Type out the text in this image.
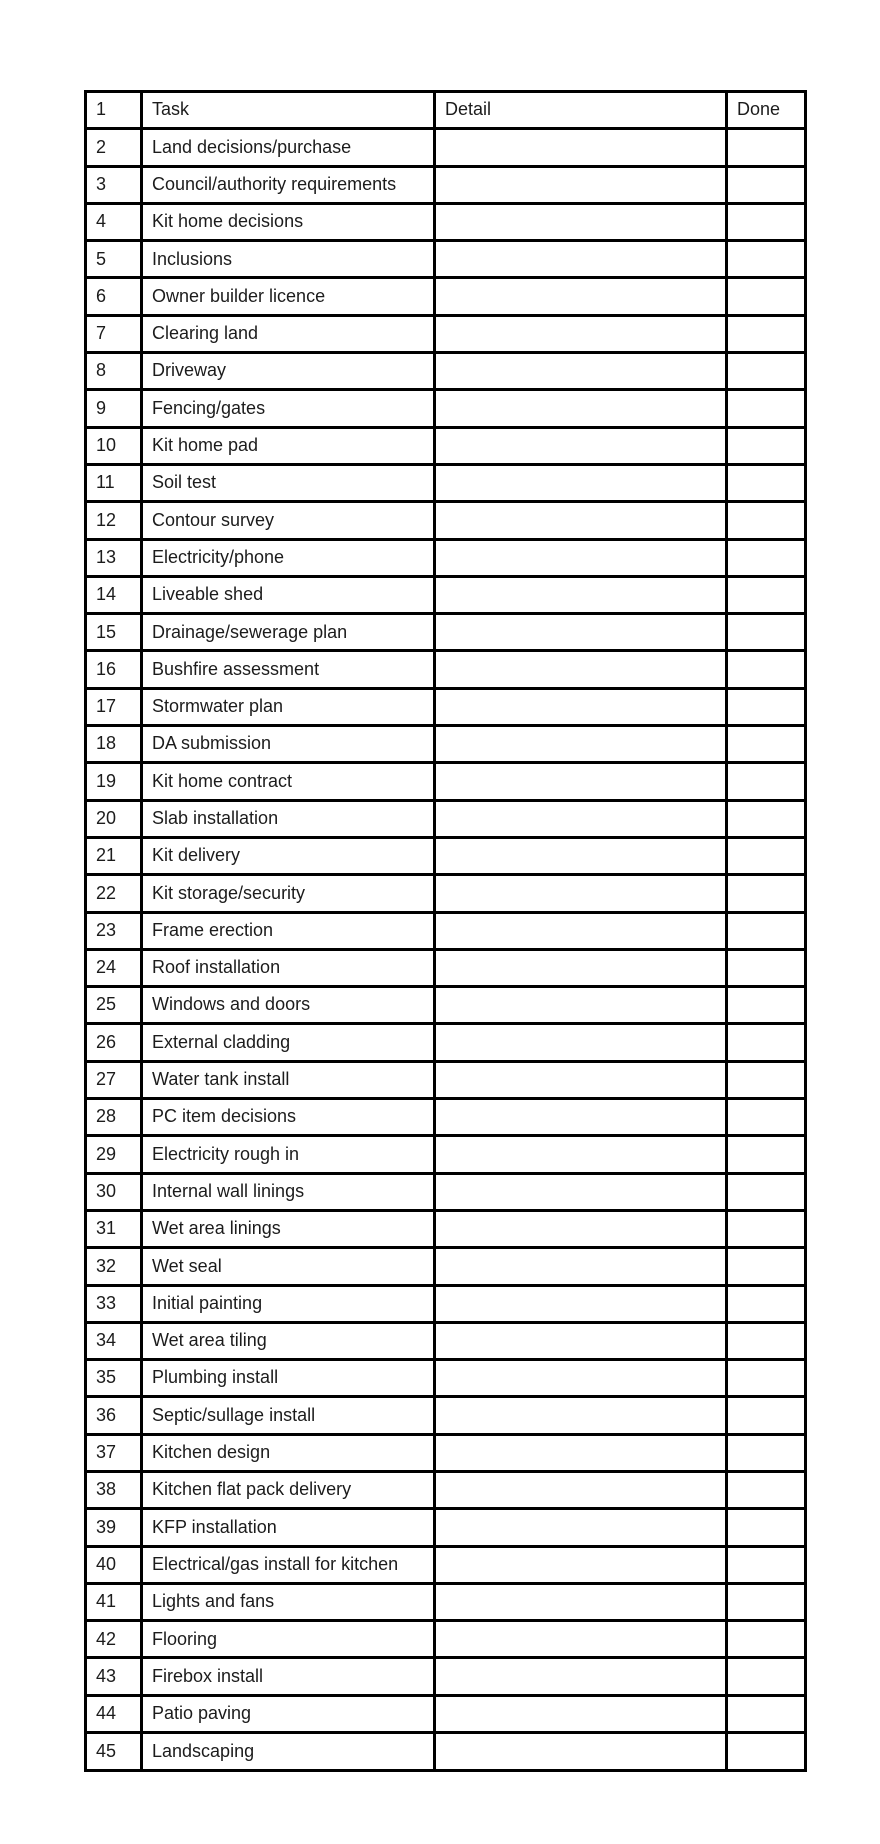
1	Task	Detail	Done
2	Land decisions/purchase		
3	Council/authority requirements		
4	Kit home decisions		
5	Inclusions		
6	Owner builder licence		
7	Clearing land		
8	Driveway		
9	Fencing/gates		
10	Kit home pad		
11	Soil test		
12	Contour survey		
13	Electricity/phone		
14	Liveable shed		
15	Drainage/sewerage plan		
16	Bushfire assessment		
17	Stormwater plan		
18	DA submission		
19	Kit home contract		
20	Slab installation		
21	Kit delivery		
22	Kit storage/security		
23	Frame erection		
24	Roof installation		
25	Windows and doors		
26	External cladding		
27	Water tank install		
28	PC item decisions		
29	Electricity rough in		
30	Internal wall linings		
31	Wet area linings		
32	Wet seal		
33	Initial painting		
34	Wet area tiling		
35	Plumbing install		
36	Septic/sullage install		
37	Kitchen design		
38	Kitchen flat pack delivery		
39	KFP installation		
40	Electrical/gas install for kitchen		
41	Lights and fans		
42	Flooring		
43	Firebox install		
44	Patio paving		
45	Landscaping		
